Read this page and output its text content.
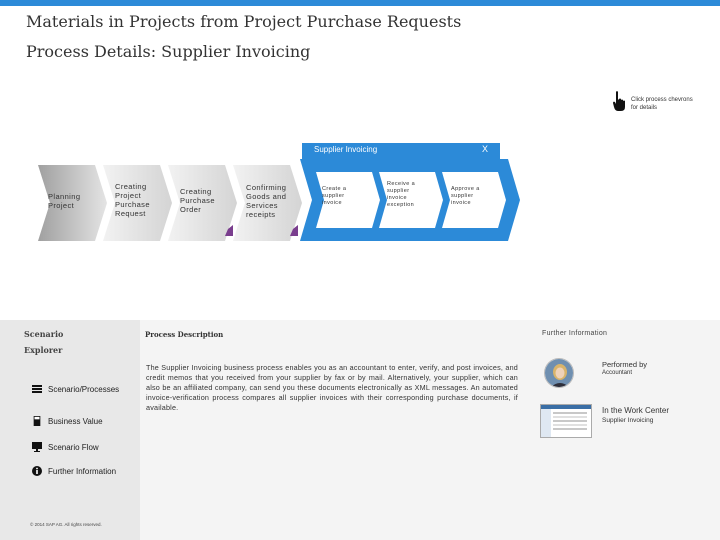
Materials in Projects from Project Purchase Requests
Process Details: Supplier Invoicing
Click process chevrons for details
Supplier Invoicing	X
Planning Project
Creating Project Purchase Request
Creating Purchase Order
Confirming Goods and Services receipts
Create a supplier invoice
Receive a supplier invoice exception
Approve a supplier invoice
Scenario Explorer
Scenario/Processes
Business Value
Scenario Flow
Further Information
© 2014 SAP AG. All rights reserved.
Process Description
The Supplier Invoicing business process enables you as an accountant to enter, verify, and post invoices, and credit memos that you received from your supplier by fax or by mail. Alternatively, your supplier, which can also be an affiliated company, can send you these documents electronically as XML messages. An automated invoice-verification process compares all supplier invoices with their corresponding purchase documents, if available.
Further Information
Performed by
Accountant
In the Work Center
Supplier Invoicing
